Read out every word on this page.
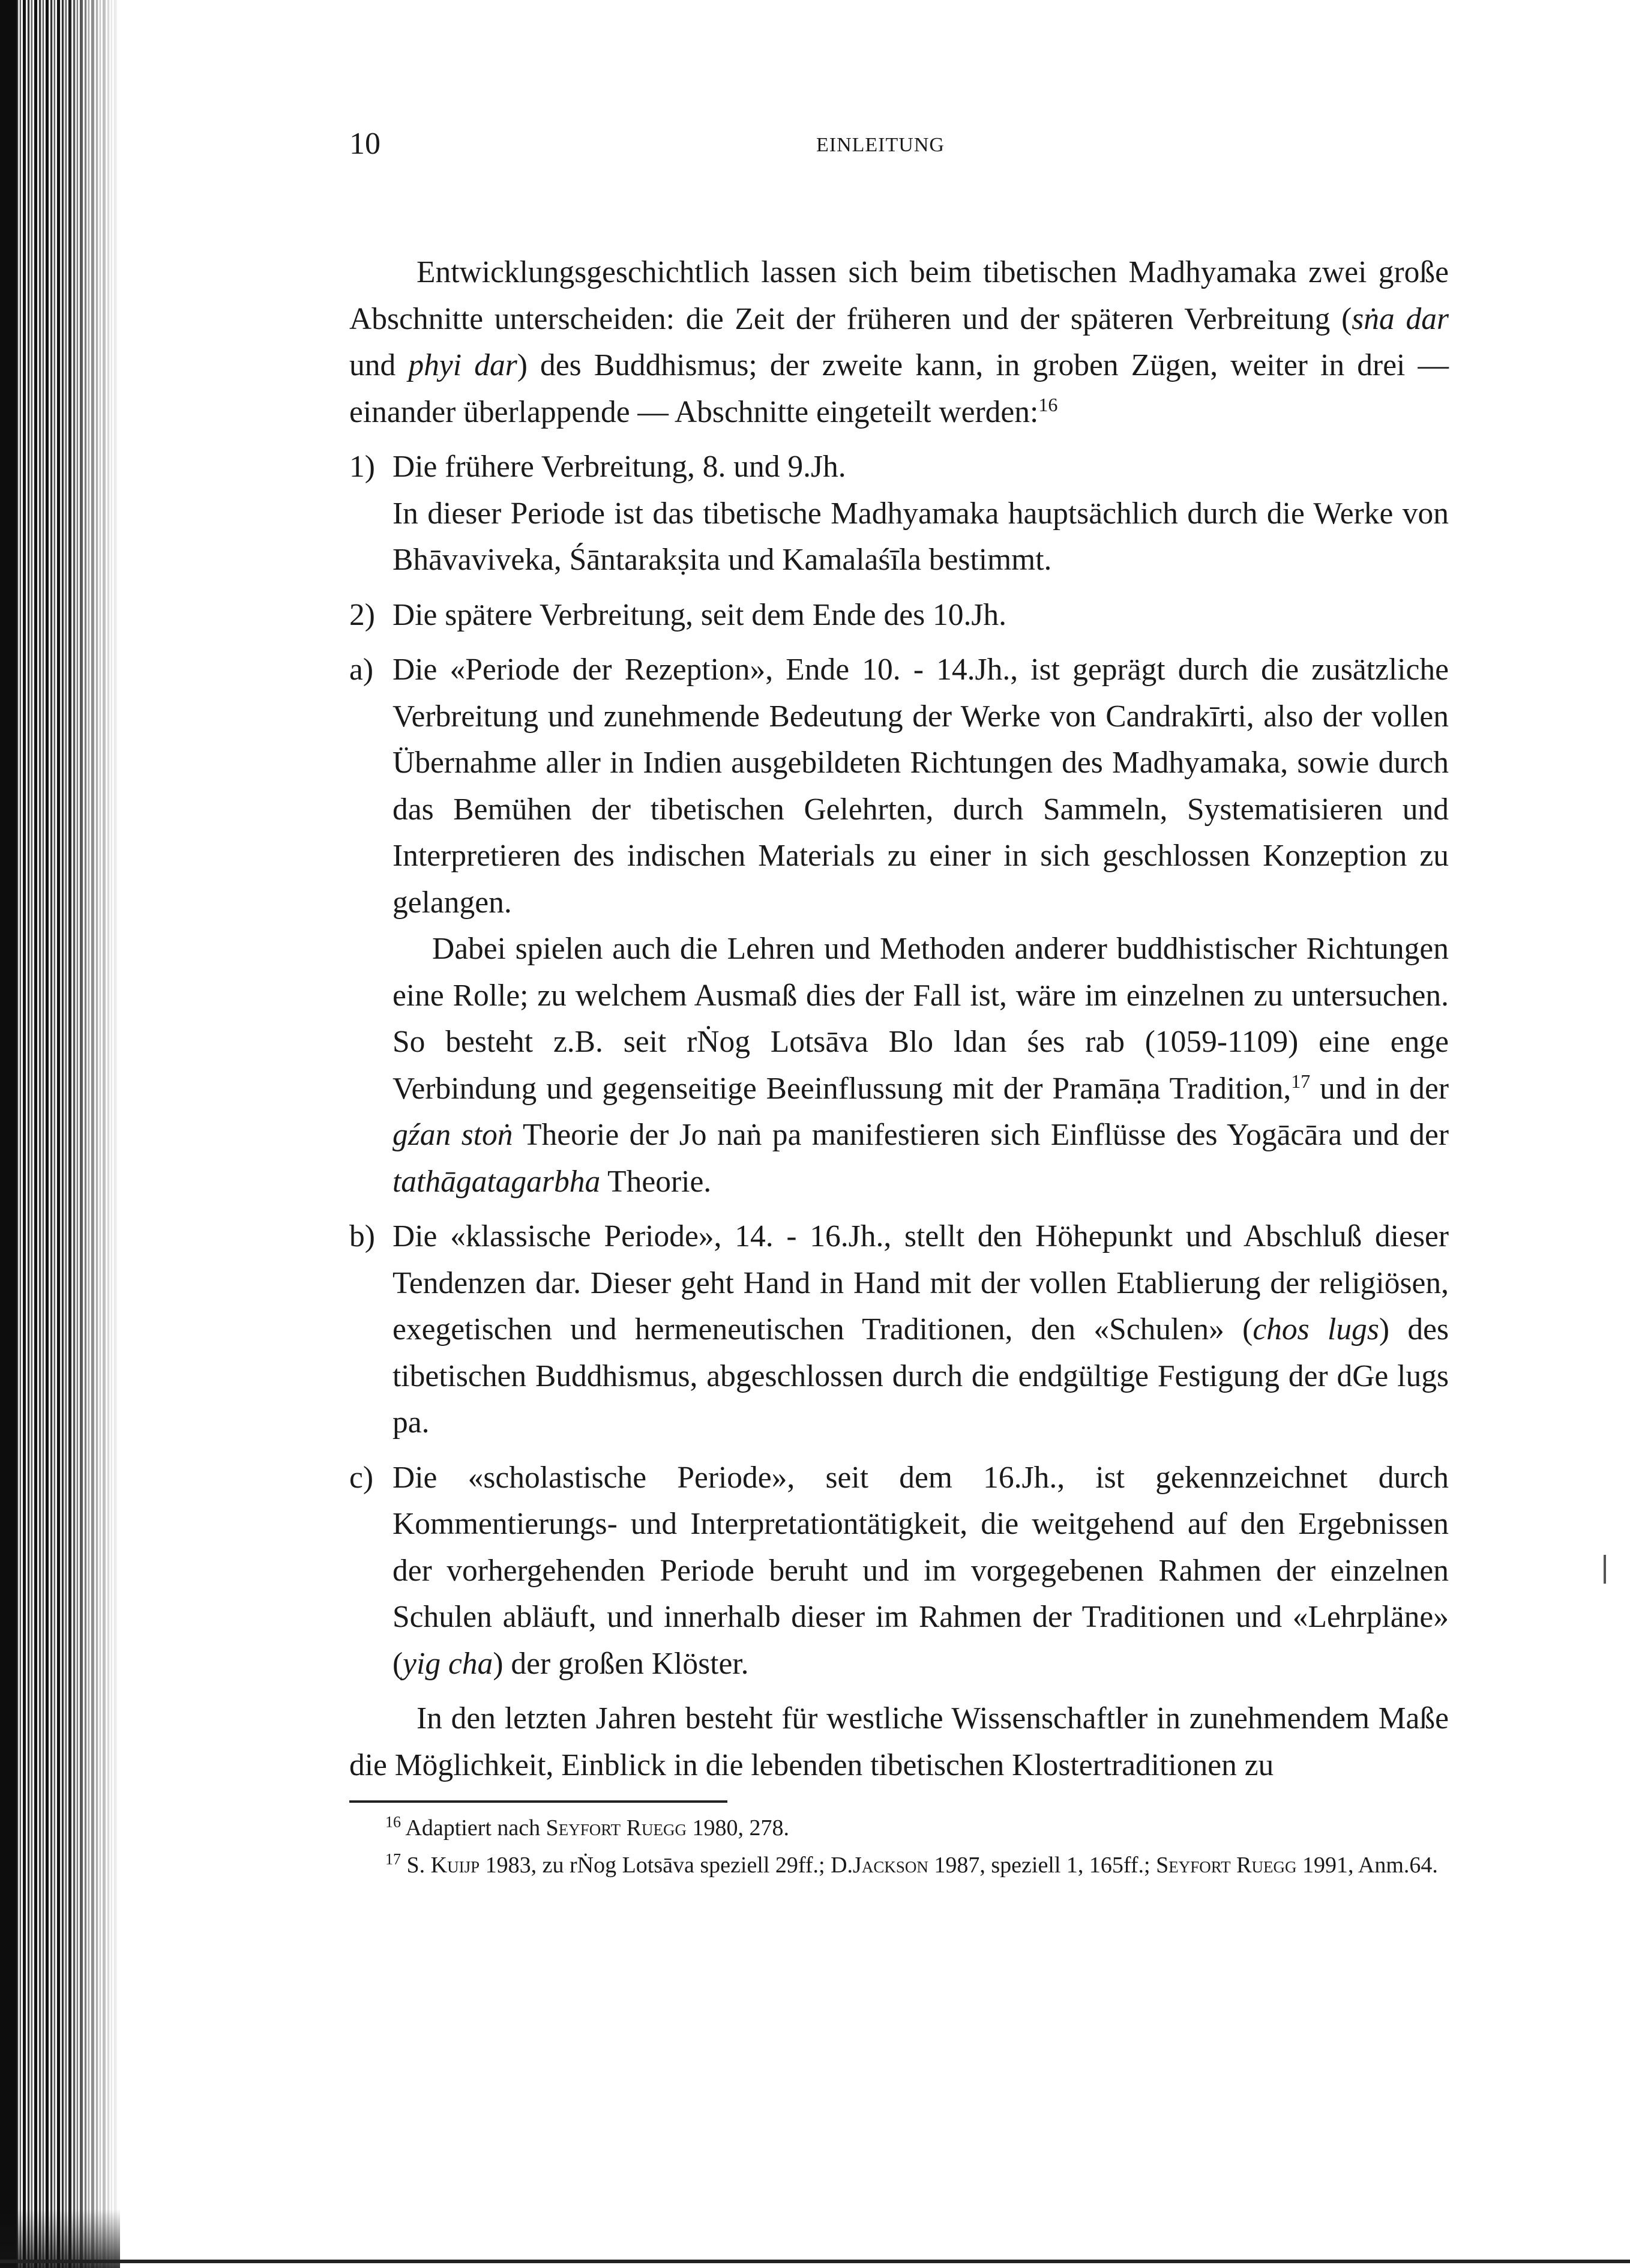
10	EINLEITUNG

Entwicklungsgeschichtlich lassen sich beim tibetischen Madhyamaka zwei große Abschnitte unterscheiden: die Zeit der früheren und der späteren Verbreitung (sṅa dar und phyi dar) des Buddhismus; der zweite kann, in groben Zügen, weiter in drei — einander überlappende — Abschnitte eingeteilt werden:$^{16}$

1) Die frühere Verbreitung, 8. und 9.Jh.

In dieser Periode ist das tibetische Madhyamaka hauptsächlich durch die Werke von Bhāvaviveka, Śāntarakṣita und Kamalaśīla bestimmt.

2) Die spätere Verbreitung, seit dem Ende des 10.Jh.

a) Die «Periode der Rezeption», Ende 10. - 14.Jh., ist geprägt durch die zusätzliche Verbreitung und zunehmende Bedeutung der Werke von Candrakīrti, also der vollen Übernahme aller in Indien ausgebildeten Richtungen des Madhyamaka, sowie durch das Bemühen der tibetischen Gelehrten, durch Sammeln, Systematisieren und Interpretieren des indischen Materials zu einer in sich geschlossen Konzeption zu gelangen.

Dabei spielen auch die Lehren und Methoden anderer buddhistischer Richtungen eine Rolle; zu welchem Ausmaß dies der Fall ist, wäre im einzelnen zu untersuchen. So besteht z.B. seit rṄog Lotsāva Blo ldan śes rab (1059-1109) eine enge Verbindung und gegenseitige Beeinflussung mit der Pramāṇa Tradition,$^{17}$ und in der gźan stoṅ Theorie der Jo naṅ pa manifestieren sich Einflüsse des Yogācāra und der tathāgatagarbha Theorie.

b) Die «klassische Periode», 14. - 16.Jh., stellt den Höhepunkt und Abschluß dieser Tendenzen dar. Dieser geht Hand in Hand mit der vollen Etablierung der religiösen, exegetischen und hermeneutischen Traditionen, den «Schulen» (chos lugs) des tibetischen Buddhismus, abgeschlossen durch die endgültige Festigung der dGe lugs pa.

c) Die «scholastische Periode», seit dem 16.Jh., ist gekennzeichnet durch Kommentierungs- und Interpretationtätigkeit, die weitgehend auf den Ergebnissen der vorhergehenden Periode beruht und im vorgegebenen Rahmen der einzelnen Schulen abläuft, und innerhalb dieser im Rahmen der Traditionen und «Lehrpläne» (yig cha) der großen Klöster.

In den letzten Jahren besteht für westliche Wissenschaftler in zunehmendem Maße die Möglichkeit, Einblick in die lebenden tibetischen Klostertraditionen zu

$^{16}$ Adaptiert nach Seyfort Ruegg 1980, 278.

$^{17}$ S. Kuijp 1983, zu rṄog Lotsāva speziell 29ff.; D.Jackson 1987, speziell 1, 165ff.; Seyfort Ruegg 1991, Anm.64.
